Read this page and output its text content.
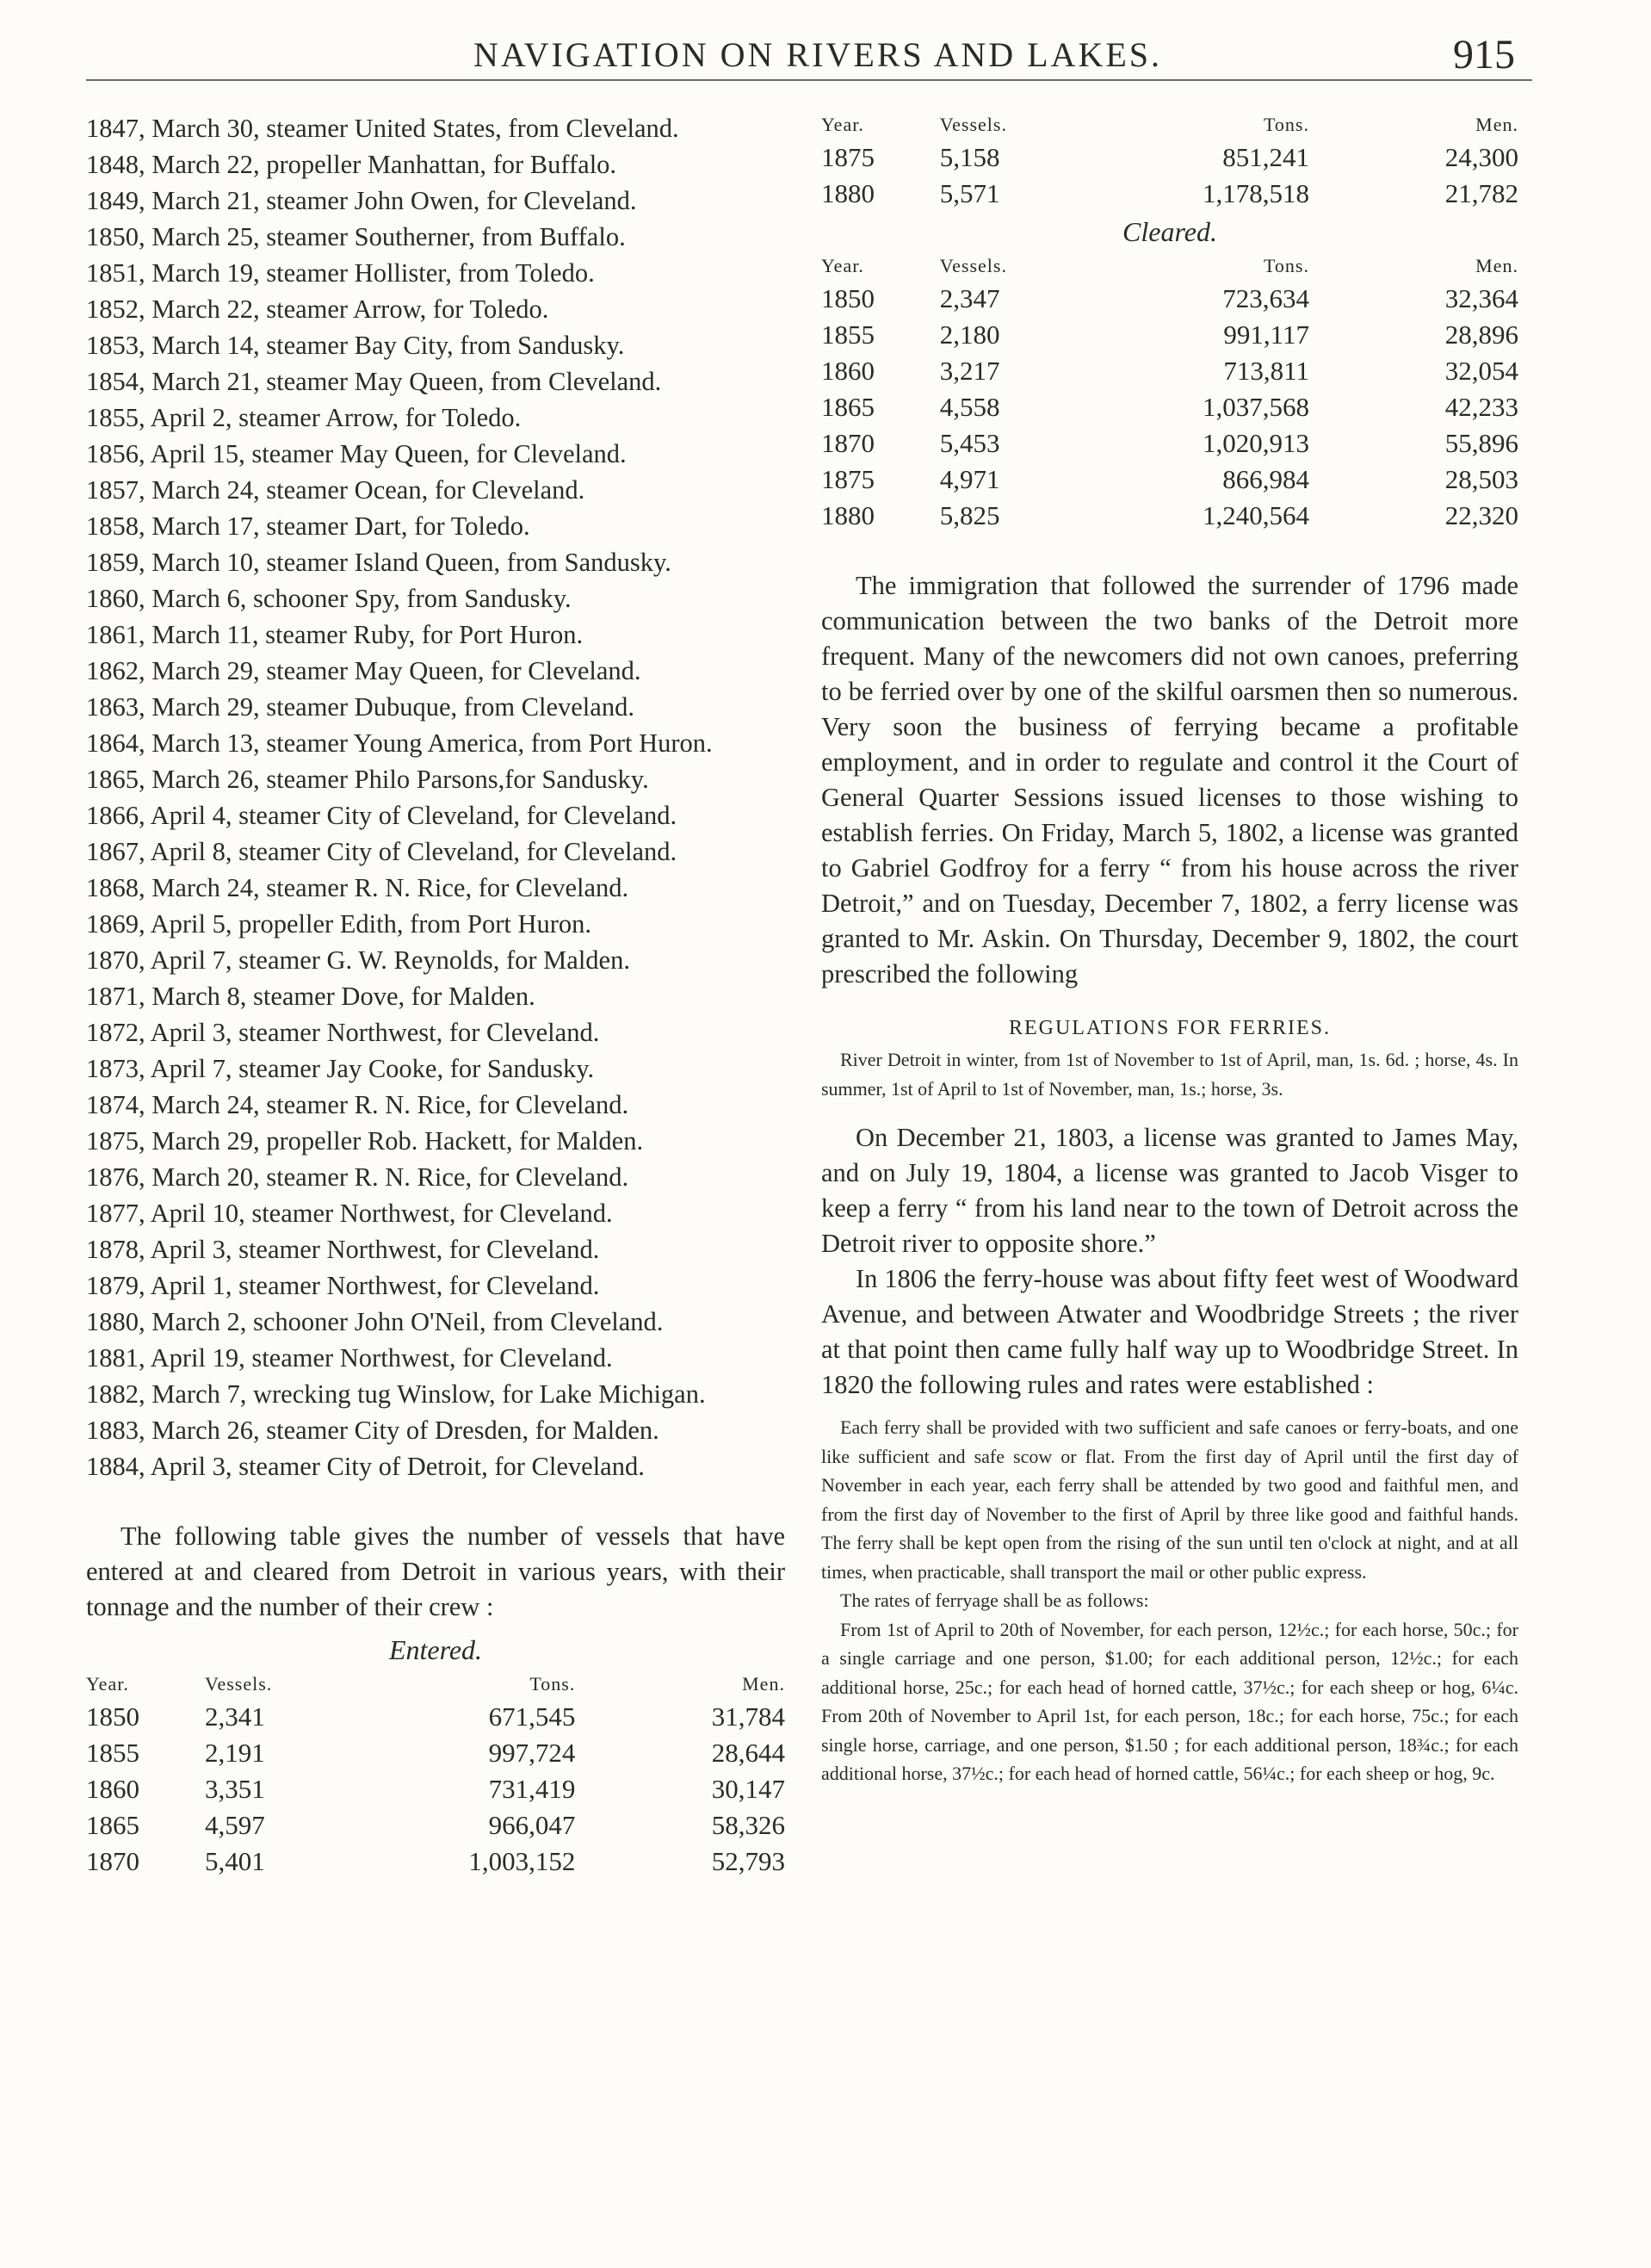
NAVIGATION ON RIVERS AND LAKES.	915
1847, March 30, steamer United States, from Cleveland.
1848, March 22, propeller Manhattan, for Buffalo.
1849, March 21, steamer John Owen, for Cleveland.
1850, March 25, steamer Southerner, from Buffalo.
1851, March 19, steamer Hollister, from Toledo.
1852, March 22, steamer Arrow, for Toledo.
1853, March 14, steamer Bay City, from Sandusky.
1854, March 21, steamer May Queen, from Cleveland.
1855, April 2, steamer Arrow, for Toledo.
1856, April 15, steamer May Queen, for Cleveland.
1857, March 24, steamer Ocean, for Cleveland.
1858, March 17, steamer Dart, for Toledo.
1859, March 10, steamer Island Queen, from Sandusky.
1860, March 6, schooner Spy, from Sandusky.
1861, March 11, steamer Ruby, for Port Huron.
1862, March 29, steamer May Queen, for Cleveland.
1863, March 29, steamer Dubuque, from Cleveland.
1864, March 13, steamer Young America, from Port Huron.
1865, March 26, steamer Philo Parsons,for Sandusky.
1866, April 4, steamer City of Cleveland, for Cleveland.
1867, April 8, steamer City of Cleveland, for Cleveland.
1868, March 24, steamer R. N. Rice, for Cleveland.
1869, April 5, propeller Edith, from Port Huron.
1870, April 7, steamer G. W. Reynolds, for Malden.
1871, March 8, steamer Dove, for Malden.
1872, April 3, steamer Northwest, for Cleveland.
1873, April 7, steamer Jay Cooke, for Sandusky.
1874, March 24, steamer R. N. Rice, for Cleveland.
1875, March 29, propeller Rob. Hackett, for Malden.
1876, March 20, steamer R. N. Rice, for Cleveland.
1877, April 10, steamer Northwest, for Cleveland.
1878, April 3, steamer Northwest, for Cleveland.
1879, April 1, steamer Northwest, for Cleveland.
1880, March 2, schooner John O'Neil, from Cleveland.
1881, April 19, steamer Northwest, for Cleveland.
1882, March 7, wrecking tug Winslow, for Lake Michigan.
1883, March 26, steamer City of Dresden, for Malden.
1884, April 3, steamer City of Detroit, for Cleveland.
The following table gives the number of vessels that have entered at and cleared from Detroit in various years, with their tonnage and the number of their crew :
Entered.
Year.	Vessels.	Tons.	Men.
1850	2,341	671,545	31,784
1855	2,191	997,724	28,644
1860	3,351	731,419	30,147
1865	4,597	966,047	58,326
1870	5,401	1,003,152	52,793
Year.	Vessels.	Tons.	Men.
1875	5,158	851,241	24,300
1880	5,571	1,178,518	21,782
Cleared.
Year.	Vessels.	Tons.	Men.
1850	2,347	723,634	32,364
1855	2,180	991,117	28,896
1860	3,217	713,811	32,054
1865	4,558	1,037,568	42,233
1870	5,453	1,020,913	55,896
1875	4,971	866,984	28,503
1880	5,825	1,240,564	22,320
The immigration that followed the surrender of 1796 made communication between the two banks of the Detroit more frequent. Many of the newcomers did not own canoes, preferring to be ferried over by one of the skilful oarsmen then so numerous. Very soon the business of ferrying became a profitable employment, and in order to regulate and control it the Court of General Quarter Sessions issued licenses to those wishing to establish ferries. On Friday, March 5, 1802, a license was granted to Gabriel Godfroy for a ferry “ from his house across the river Detroit,” and on Tuesday, December 7, 1802, a ferry license was granted to Mr. Askin. On Thursday, December 9, 1802, the court prescribed the following
REGULATIONS FOR FERRIES.
River Detroit in winter, from 1st of November to 1st of April, man, 1s. 6d. ; horse, 4s. In summer, 1st of April to 1st of November, man, 1s.; horse, 3s.
On December 21, 1803, a license was granted to James May, and on July 19, 1804, a license was granted to Jacob Visger to keep a ferry “ from his land near to the town of Detroit across the Detroit river to opposite shore.”
In 1806 the ferry-house was about fifty feet west of Woodward Avenue, and between Atwater and Woodbridge Streets ; the river at that point then came fully half way up to Woodbridge Street. In 1820 the following rules and rates were established :
Each ferry shall be provided with two sufficient and safe canoes or ferry-boats, and one like sufficient and safe scow or flat. From the first day of April until the first day of November in each year, each ferry shall be attended by two good and faithful men, and from the first day of November to the first of April by three like good and faithful hands. The ferry shall be kept open from the rising of the sun until ten o'clock at night, and at all times, when practicable, shall transport the mail or other public express.
The rates of ferryage shall be as follows:
From 1st of April to 20th of November, for each person, 12½c.; for each horse, 50c.; for a single carriage and one person, $1.00; for each additional person, 12½c.; for each additional horse, 25c.; for each head of horned cattle, 37½c.; for each sheep or hog, 6¼c. From 20th of November to April 1st, for each person, 18c.; for each horse, 75c.; for each single horse, carriage, and one person, $1.50 ; for each additional person, 18¾c.; for each additional horse, 37½c.; for each head of horned cattle, 56¼c.; for each sheep or hog, 9c.
